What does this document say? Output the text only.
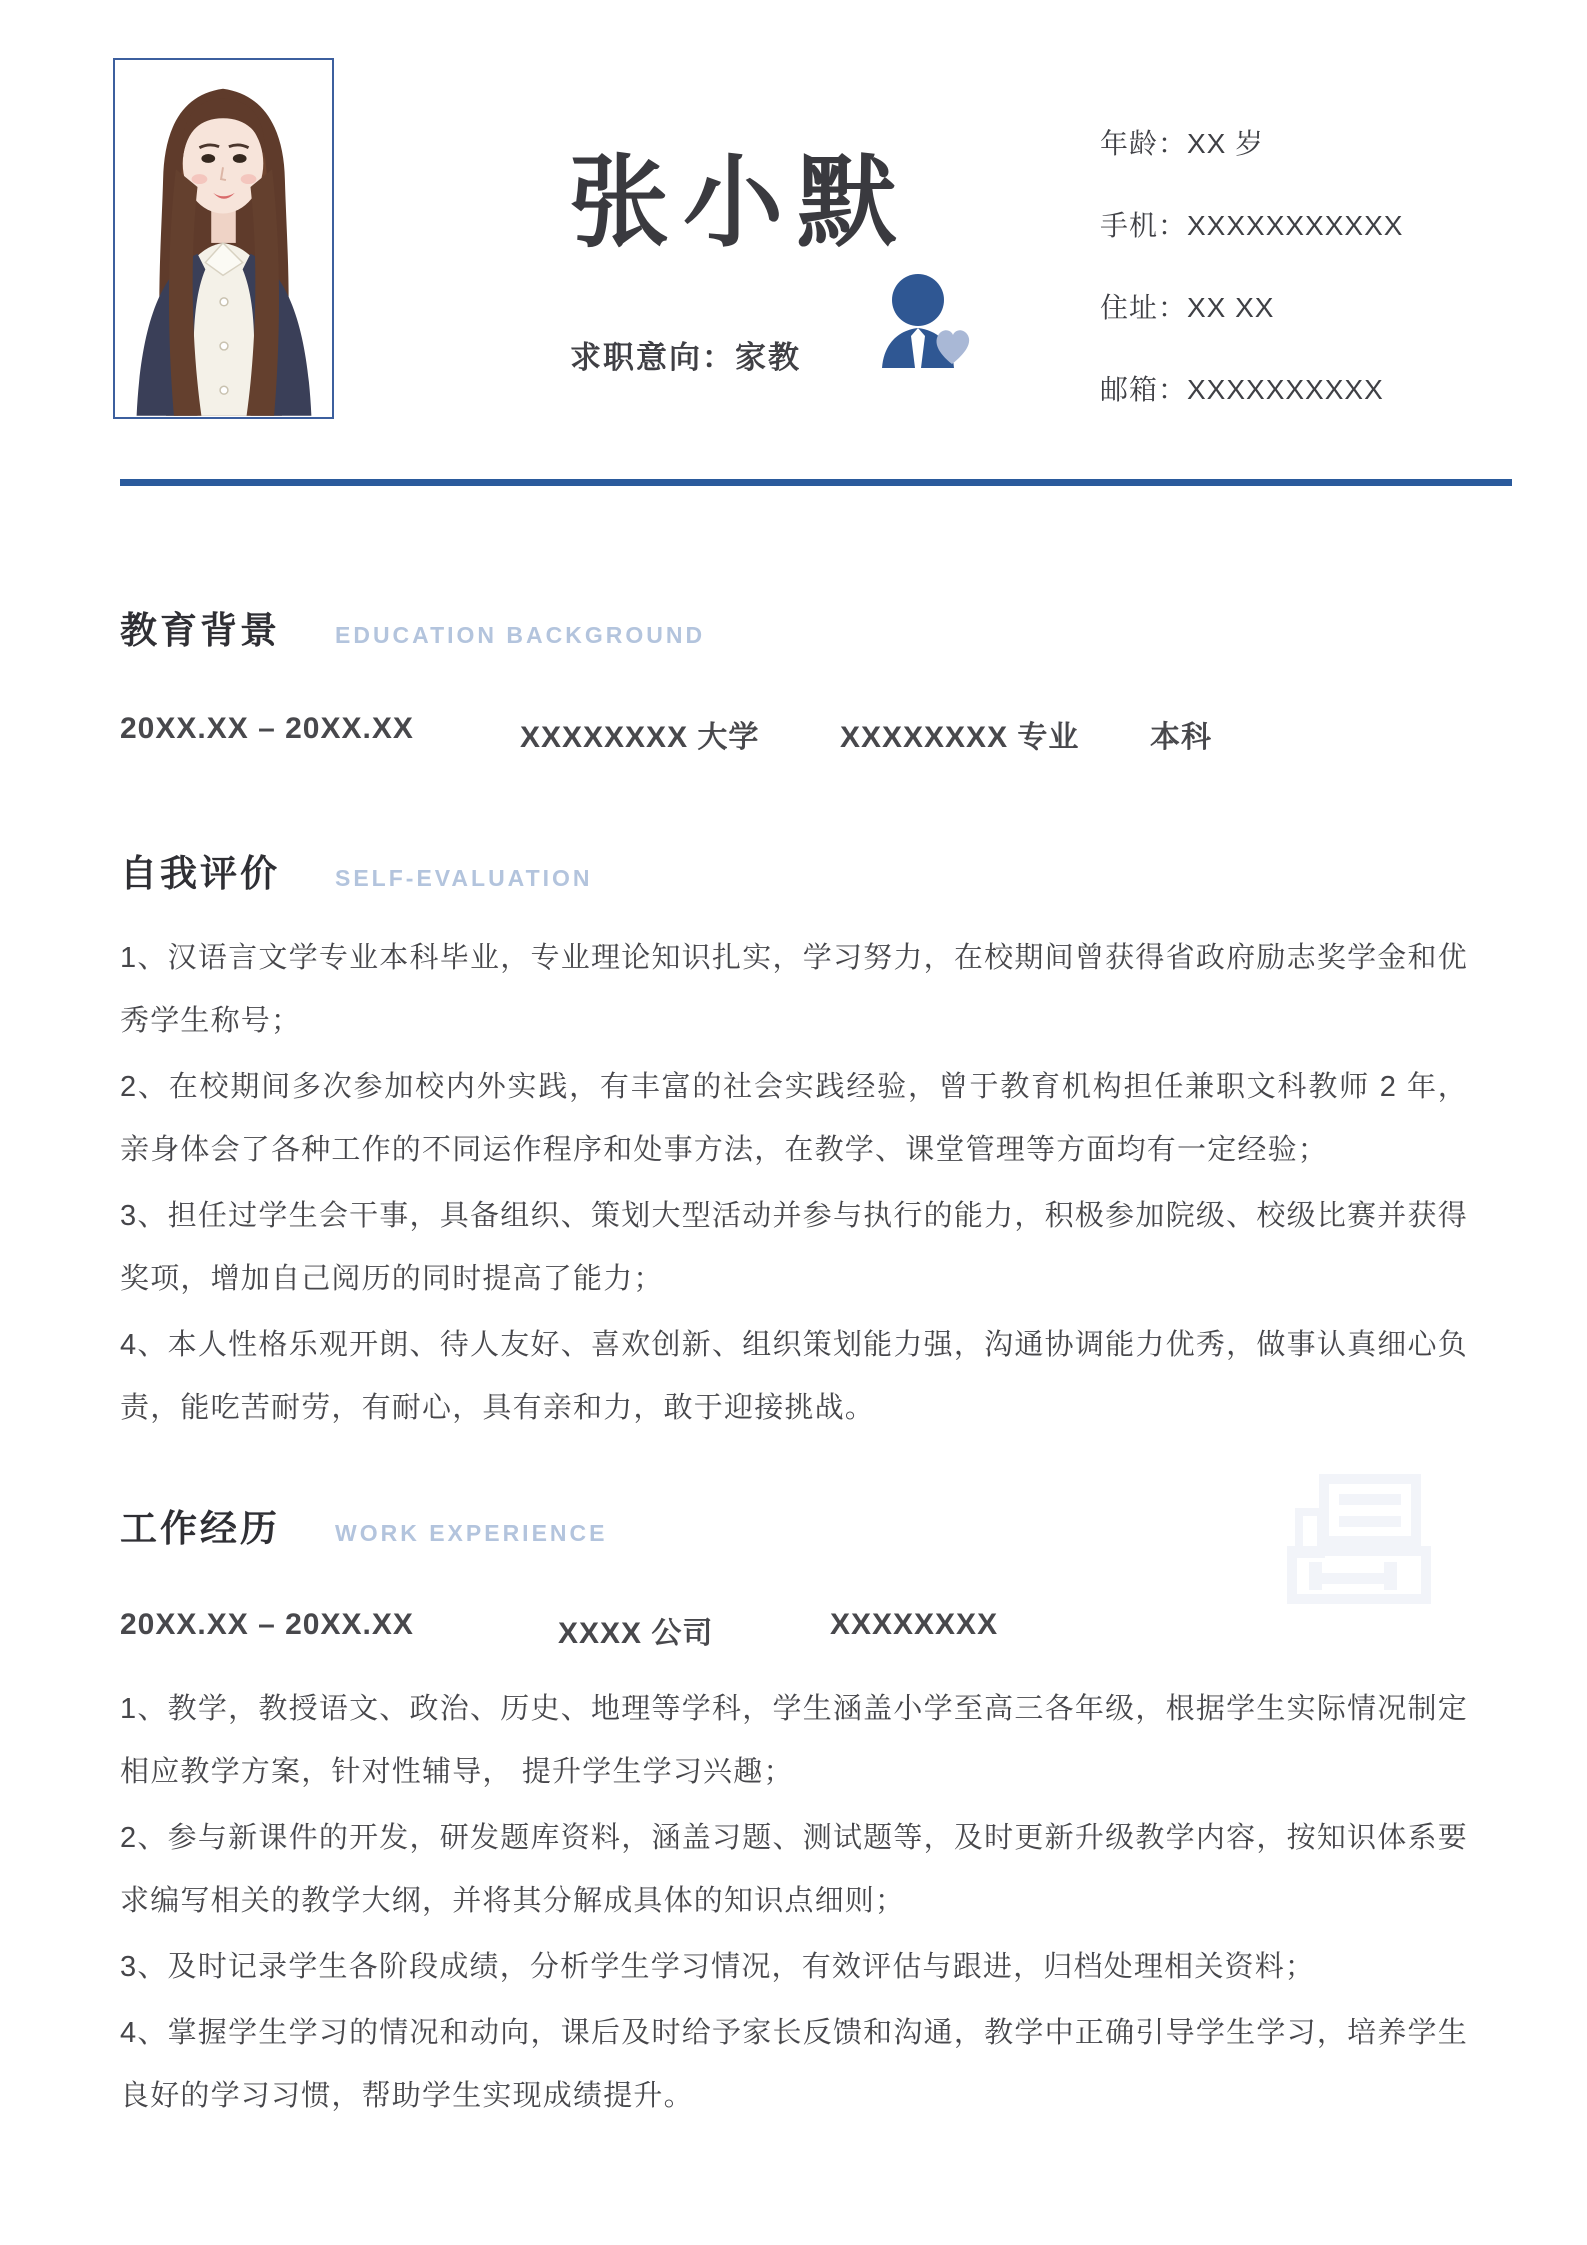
张小默
求职意向：家教
年龄：XX 岁
手机：XXXXXXXXXXX
住址：XX XX
邮箱：XXXXXXXXXX
教育背景 EDUCATION BACKGROUND
20XX.XX – 20XX.XX	XXXXXXXX 大学	XXXXXXXX 专业 本科
自我评价 SELF-EVALUATION

1、汉语言文学专业本科毕业，专业理论知识扎实，学习努力，在校期间曾获得省政府励志奖学金和优秀学生称号；

2、在校期间多次参加校内外实践，有丰富的社会实践经验，曾于教育机构担任兼职文科教师 2 年，亲身体会了各种工作的不同运作程序和处事方法，在教学、课堂管理等方面均有一定经验；

3、担任过学生会干事，具备组织、策划大型活动并参与执行的能力，积极参加院级、校级比赛并获得奖项，增加自己阅历的同时提高了能力；

4、本人性格乐观开朗、待人友好、喜欢创新、组织策划能力强，沟通协调能力优秀，做事认真细心负责，能吃苦耐劳，有耐心，具有亲和力，敢于迎接挑战。

工作经历 WORK EXPERIENCE
20XX.XX – 20XX.XX	XXXX 公司	XXXXXXXX

1、教学，教授语文、政治、历史、地理等学科，学生涵盖小学至高三各年级，根据学生实际情况制定相应教学方案，针对性辅导， 提升学生学习兴趣；

2、参与新课件的开发，研发题库资料，涵盖习题、测试题等，及时更新升级教学内容，按知识体系要求编写相关的教学大纲，并将其分解成具体的知识点细则；

3、及时记录学生各阶段成绩，分析学生学习情况，有效评估与跟进，归档处理相关资料；

4、掌握学生学习的情况和动向，课后及时给予家长反馈和沟通，教学中正确引导学生学习，培养学生良好的学习习惯，帮助学生实现成绩提升。
